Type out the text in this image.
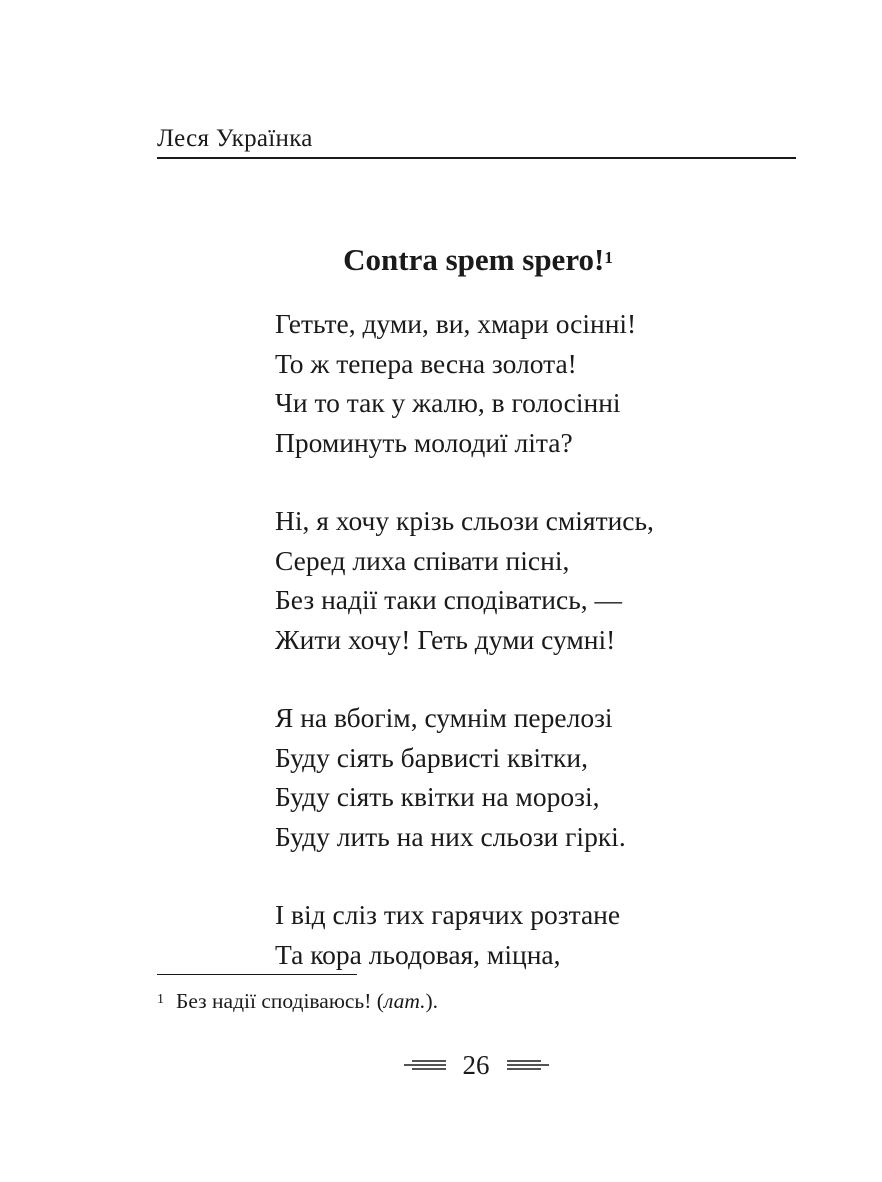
Леся Українка
Contra spem spero!$^1$
Гетьте, думи, ви, хмари осінні!
То ж тепера весна золота!
Чи то так у жалю, в голосінні
Проминуть молодиї літа?
Ні, я хочу крізь сльози сміятись,
Серед лиха співати пісні,
Без надії таки сподіватись, —
Жити хочу! Геть думи сумні!
Я на вбогім, сумнім перелозі
Буду сіять барвисті квітки,
Буду сіять квітки на морозі,
Буду лить на них сльози гіркі.
І від сліз тих гарячих розтане
Та кора льодовая, міцна,
$^1$ Без надії сподіваюсь! (лат.).
26
